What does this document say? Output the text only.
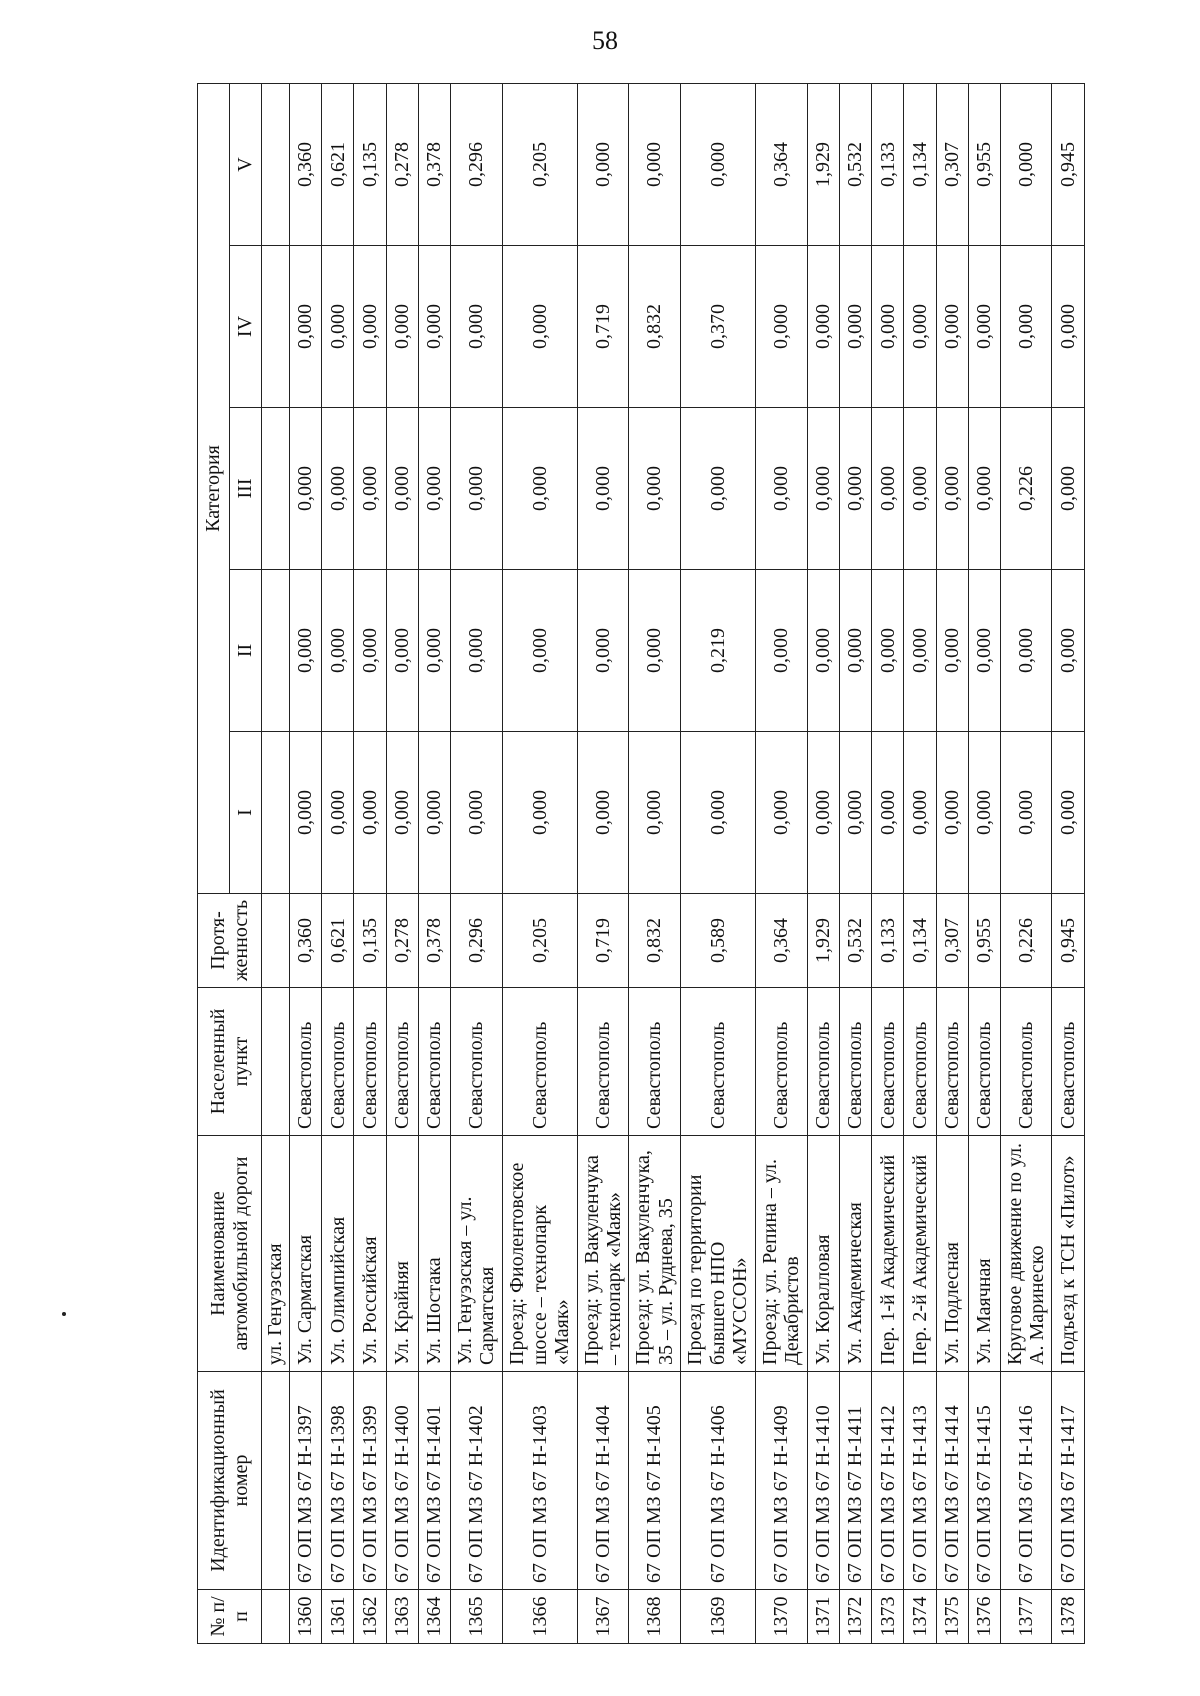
58
№ п/п	Идентификационный номер	Наименование автомобильной дороги	Населенный пункт	Протя-женность	Категория				
					I	II	III	IV	V
		ул. Генуэзская							
1360	67 ОП МЗ 67 Н-1397	Ул. Сарматская	Севастополь	0,360	0,000	0,000	0,000	0,000	0,360
1361	67 ОП МЗ 67 Н-1398	Ул. Олимпийская	Севастополь	0,621	0,000	0,000	0,000	0,000	0,621
1362	67 ОП МЗ 67 Н-1399	Ул. Российская	Севастополь	0,135	0,000	0,000	0,000	0,000	0,135
1363	67 ОП МЗ 67 Н-1400	Ул. Крайняя	Севастополь	0,278	0,000	0,000	0,000	0,000	0,278
1364	67 ОП МЗ 67 Н-1401	Ул. Шостака	Севастополь	0,378	0,000	0,000	0,000	0,000	0,378
1365	67 ОП МЗ 67 Н-1402	Ул. Генуэзская – ул. Сарматская	Севастополь	0,296	0,000	0,000	0,000	0,000	0,296
1366	67 ОП МЗ 67 Н-1403	Проезд: Фиолентовское шоссе – технопарк «Маяк»	Севастополь	0,205	0,000	0,000	0,000	0,000	0,205
1367	67 ОП МЗ 67 Н-1404	Проезд: ул. Вакуленчука – технопарк «Маяк»	Севастополь	0,719	0,000	0,000	0,000	0,719	0,000
1368	67 ОП МЗ 67 Н-1405	Проезд: ул. Вакуленчука, 35 – ул. Руднева, 35	Севастополь	0,832	0,000	0,000	0,000	0,832	0,000
1369	67 ОП МЗ 67 Н-1406	Проезд по территории бывшего НПО «МУССОН»	Севастополь	0,589	0,000	0,219	0,000	0,370	0,000
1370	67 ОП МЗ 67 Н-1409	Проезд: ул. Репина – ул. Декабристов	Севастополь	0,364	0,000	0,000	0,000	0,000	0,364
1371	67 ОП МЗ 67 Н-1410	Ул. Коралловая	Севастополь	1,929	0,000	0,000	0,000	0,000	1,929
1372	67 ОП МЗ 67 Н-1411	Ул. Академическая	Севастополь	0,532	0,000	0,000	0,000	0,000	0,532
1373	67 ОП МЗ 67 Н-1412	Пер. 1-й Академический	Севастополь	0,133	0,000	0,000	0,000	0,000	0,133
1374	67 ОП МЗ 67 Н-1413	Пер. 2-й Академический	Севастополь	0,134	0,000	0,000	0,000	0,000	0,134
1375	67 ОП МЗ 67 Н-1414	Ул. Подлесная	Севастополь	0,307	0,000	0,000	0,000	0,000	0,307
1376	67 ОП МЗ 67 Н-1415	Ул. Маячная	Севастополь	0,955	0,000	0,000	0,000	0,000	0,955
1377	67 ОП МЗ 67 Н-1416	Круговое движение по ул. А. Маринеско	Севастополь	0,226	0,000	0,000	0,226	0,000	0,000
1378	67 ОП МЗ 67 Н-1417	Подъезд к ТСН «Пилот»	Севастополь	0,945	0,000	0,000	0,000	0,000	0,945
